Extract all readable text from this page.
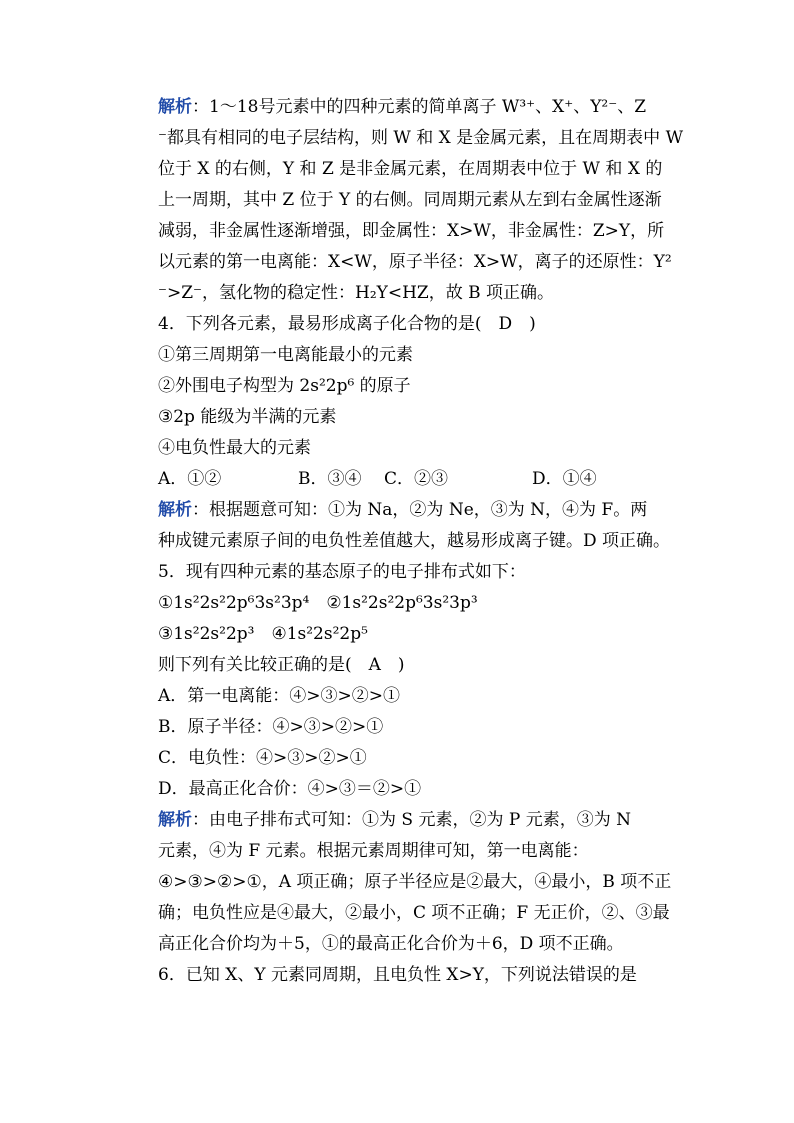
解析：1～18号元素中的四种元素的简单离子 W³⁺、X⁺、Y²⁻、Z
⁻都具有相同的电子层结构，则 W 和 X 是金属元素，且在周期表中 W
位于 X 的右侧，Y 和 Z 是非金属元素，在周期表中位于 W 和 X 的
上一周期，其中 Z 位于 Y 的右侧。同周期元素从左到右金属性逐渐
减弱，非金属性逐渐增强，即金属性：X>W，非金属性：Z>Y，所
以元素的第一电离能：X<W，原子半径：X>W，离子的还原性：Y²
⁻>Z⁻，氢化物的稳定性：H₂Y<HZ，故 B 项正确。
4．下列各元素，最易形成离子化合物的是(　D　)
①第三周期第一电离能最小的元素
②外围电子构型为 2s²2p⁶ 的原子
③2p 能级为半满的元素
④电负性最大的元素
A．①②	B．③④ C．②③	D．①④
解析：根据题意可知：①为 Na，②为 Ne，③为 N，④为 F。两
种成键元素原子间的电负性差值越大，越易形成离子键。D 项正确。
5．现有四种元素的基态原子的电子排布式如下：
①1s²2s²2p⁶3s²3p⁴　②1s²2s²2p⁶3s²3p³
③1s²2s²2p³　④1s²2s²2p⁵
则下列有关比较正确的是(　A　)
A．第一电离能：④>③>②>①
B．原子半径：④>③>②>①
C．电负性：④>③>②>①
D．最高正化合价：④>③＝②>①
解析：由电子排布式可知：①为 S 元素，②为 P 元素，③为 N
元素，④为 F 元素。根据元素周期律可知，第一电离能：
④>③>②>①，A 项正确；原子半径应是②最大，④最小，B 项不正
确；电负性应是④最大，②最小，C 项不正确；F 无正价，②、③最
高正化合价均为＋5，①的最高正化合价为＋6，D 项不正确。
6．已知 X、Y 元素同周期，且电负性 X>Y，下列说法错误的是
